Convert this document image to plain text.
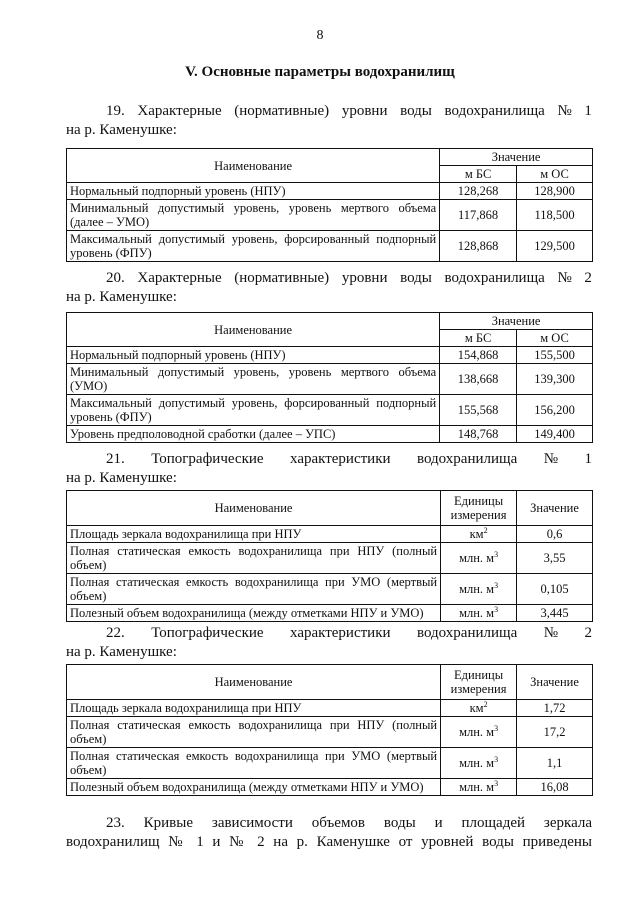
8
V. Основные параметры водохранилищ
19. Характерные (нормативные) уровни воды водохранилища № 1
на р. Каменушке:
Наименование	Значение	
	м БС	м ОС
Нормальный подпорный уровень (НПУ)	128,268	128,900
Минимальный допустимый уровень, уровень мертвого объема (далее – УМО)	117,868	118,500
Максимальный допустимый уровень, форсированный подпорный уровень (ФПУ)	128,868	129,500
20. Характерные (нормативные) уровни воды водохранилища № 2
на р. Каменушке:
Наименование	Значение	
	м БС	м ОС
Нормальный подпорный уровень (НПУ)	154,868	155,500
Минимальный допустимый уровень, уровень мертвого объема (УМО)	138,668	139,300
Максимальный допустимый уровень, форсированный подпорный уровень (ФПУ)	155,568	156,200
Уровень предполоводной сработки (далее – УПС)	148,768	149,400
21. Топографические характеристики водохранилища № 1
на р. Каменушке:
Наименование	Единицы измерения	Значение
Площадь зеркала водохранилища при НПУ	$км^2$	0,6
Полная статическая емкость водохранилища при НПУ (полный объем)	млн. $м^3$	3,55
Полная статическая емкость водохранилища при УМО (мертвый объем)	млн. $м^3$	0,105
Полезный объем водохранилища (между отметками НПУ и УМО)	млн. $м^3$	3,445
22. Топографические характеристики водохранилища № 2
на р. Каменушке:
Наименование	Единицы измерения	Значение
Площадь зеркала водохранилища при НПУ	$км^2$	1,72
Полная статическая емкость водохранилища при НПУ (полный объем)	млн. $м^3$	17,2
Полная статическая емкость водохранилища при УМО (мертвый объем)	млн. $м^3$	1,1
Полезный объем водохранилища (между отметками НПУ и УМО)	млн. $м^3$	16,08
23. Кривые зависимости объемов воды и площадей зеркала
водохранилищ № 1 и № 2 на р. Каменушке от уровней воды приведены
